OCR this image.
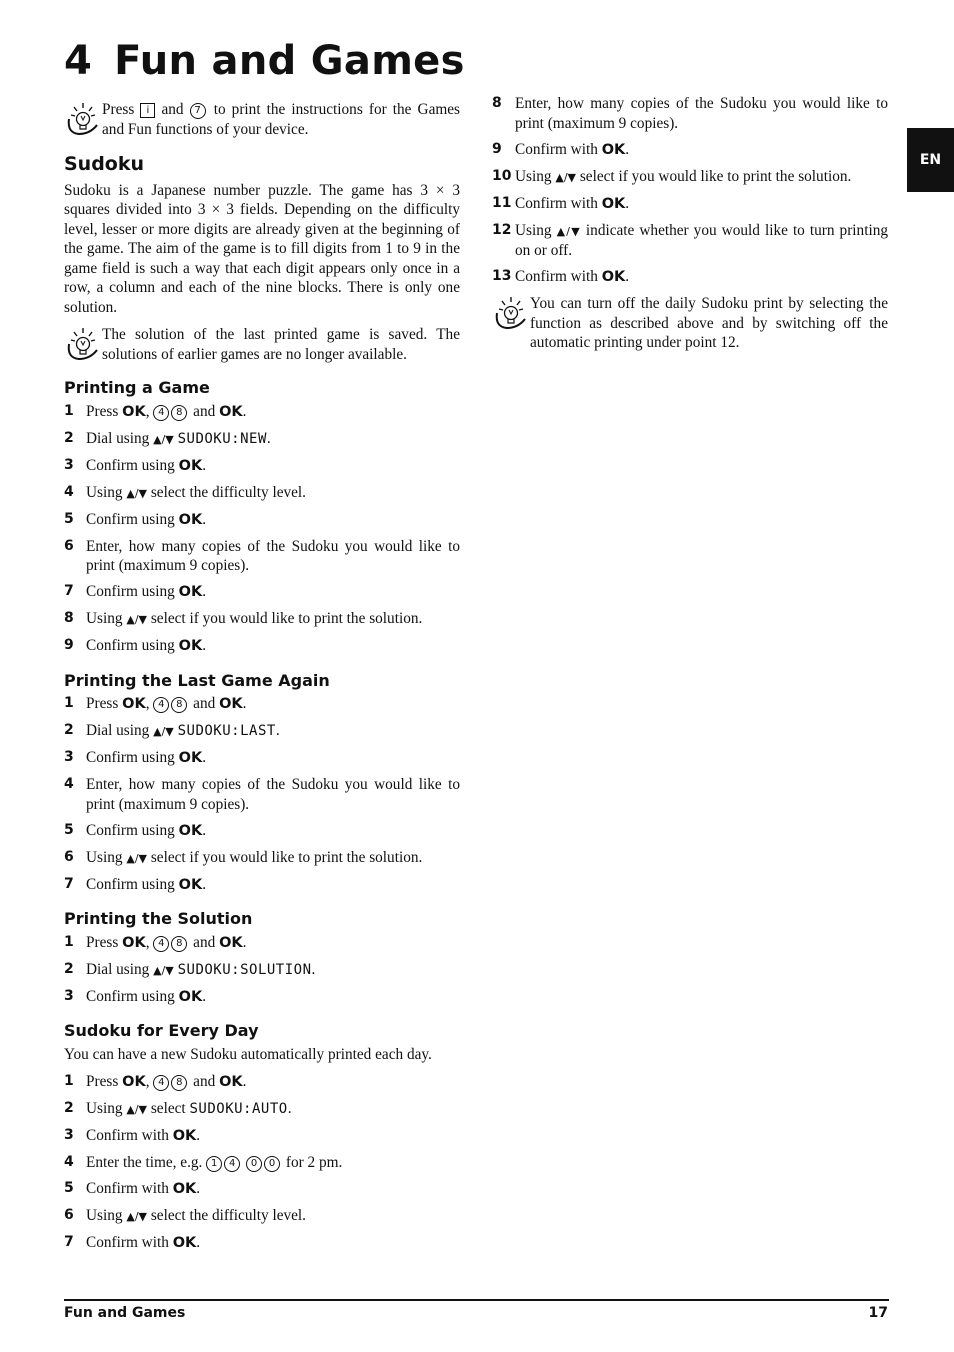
4 Fun and Games
EN
Press i and 7 to print the instructions for the Games and Fun functions of your device.
Sudoku

Sudoku is a Japanese number puzzle. The game has 3 × 3 squares divided into 3 × 3 fields. Depending on the difficulty level, lesser or more digits are already given at the beginning of the game. The aim of the game is to fill digits from 1 to 9 in the game field is such a way that each digit appears only once in a row, a column and each of the nine blocks. There is only one solution.

The solution of the last printed game is saved. The solutions of earlier games are no longer available.
Printing a Game
1 Press OK, 4 8 and OK.
2 Dial using ▲/▼ SUDOKU:NEW.
3 Confirm using OK.
4 Using ▲/▼ select the difficulty level.
5 Confirm using OK.
6 Enter, how many copies of the Sudoku you would like to print (maximum 9 copies).
7 Confirm using OK.
8 Using ▲/▼ select if you would like to print the solution.
9 Confirm using OK.
Printing the Last Game Again
1 Press OK, 4 8 and OK.
2 Dial using ▲/▼ SUDOKU:LAST.
3 Confirm using OK.
4 Enter, how many copies of the Sudoku you would like to print (maximum 9 copies).
5 Confirm using OK.
6 Using ▲/▼ select if you would like to print the solution.
7 Confirm using OK.
Printing the Solution
1 Press OK, 4 8 and OK.
2 Dial using ▲/▼ SUDOKU:SOLUTION.
3 Confirm using OK.
Sudoku for Every Day

You can have a new Sudoku automatically printed each day.

1 Press OK, 4 8 and OK.
2 Using ▲/▼ select SUDOKU:AUTO.
3 Confirm with OK.
4 Enter the time, e.g. 1 4 0 0 for 2 pm.
5 Confirm with OK.
6 Using ▲/▼ select the difficulty level.
7 Confirm with OK.
8 Enter, how many copies of the Sudoku you would like to print (maximum 9 copies).
9 Confirm with OK.
10 Using ▲/▼ select if you would like to print the solution.
11 Confirm with OK.
12 Using ▲/▼ indicate whether you would like to turn printing on or off.
13 Confirm with OK.
You can turn off the daily Sudoku print by selecting the function as described above and by switching off the automatic printing under point 12.
Fun and Games	17
